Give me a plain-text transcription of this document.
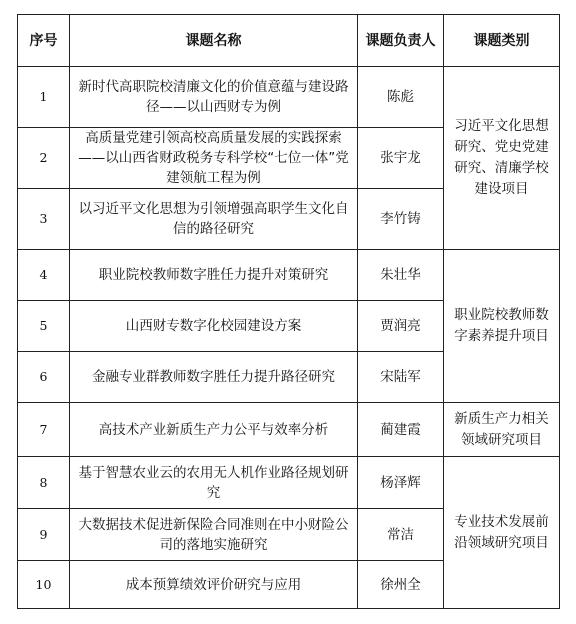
序号	课题名称	课题负责人	课题类别
1	新时代高职院校清廉文化的价值意蕴与建设路径——以山西财专为例	陈彪	习近平文化思想研究、党史党建研究、清廉学校建设项目
2	高质量党建引领高校高质量发展的实践探索——以山西省财政税务专科学校“七位一体”党建领航工程为例	张宇龙	
3	以习近平文化思想为引领增强高职学生文化自信的路径研究	李竹铸	
4	职业院校教师数字胜任力提升对策研究	朱壮华	职业院校教师数字素养提升项目
5	山西财专数字化校园建设方案	贾润亮	
6	金融专业群教师数字胜任力提升路径研究	宋陆军	
7	高技术产业新质生产力公平与效率分析	蔺建霞	新质生产力相关领域研究项目
8	基于智慧农业云的农用无人机作业路径规划研究	杨泽辉	专业技术发展前沿领域研究项目
9	大数据技术促进新保险合同准则在中小财险公司的落地实施研究	常洁	
10	成本预算绩效评价研究与应用	徐州全	
